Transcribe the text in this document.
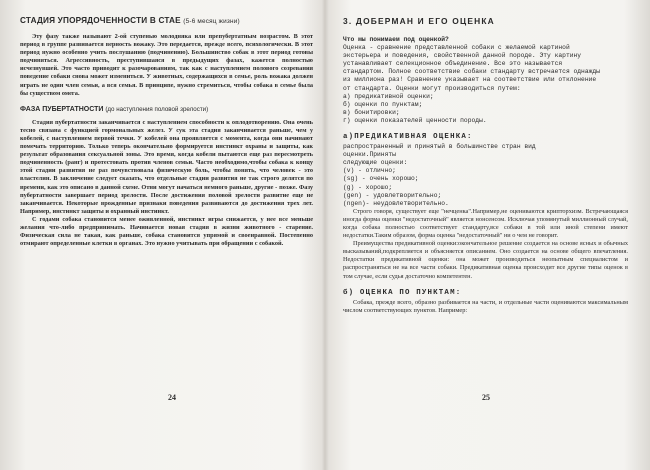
СТАДИЯ УПОРЯДОЧЕННОСТИ В СТАЕ (5-6 месяц жизни)

Эту фазу также называют 2-ой ступенью молодняка или препубертатным возрастом. В этот период в группе развивается верность вожаку. Это передается, прежде всего, психологически. В этот период нужно особенно учить послушанию (подчинению). Большинство собак в этот период готовы подчиняться. Агрессивность, преступившаяся в предыдущих фазах, кажется полностью исчезнувшей. Это часто приводит к разочарованиям, так как с наступлением полового созревания поведение собаки снова может измениться. У животных, содержащихся в семье, роль вожака должен играть не один член семьи, а вся семья. В принципе, нужно стремиться, чтобы собака в семье была бы существом омега.

ФАЗА ПУБЕРТАТНОСТИ (до наступления половой зрелости)

Стадия пубертатности заканчивается с наступлением способности к оплодотворению. Она очень тесно связана с функцией гормональных желез. У сук эта стадия заканчивается раньше, чем у кобелей, с наступлением первой течки. У кобелей она проявляется с момента, когда они начинают помечать территорию. Только теперь окончательно формируется инстинкт охраны и защиты, как результат образования сексуальной зоны. Это время, когда кобели пытаются еще раз пересмотреть подчиненность (ранг) и протестовать против членов семьи. Часто необходимо,чтобы собака к концу этой стадии развития не раз почувствовала физическую боль, чтобы понять, что человек - это властелин. В заключение следует сказать, что отдельные стадии развития не так строго делятся по времени, как это описано в данной схеме. Отни могут начаться немного раньше, другие - позже. Фазу пубертатности завершает период зрелости. После достижения половой зрелости развитие еще не заканчивается. Некоторые врожденные признаки поведения развиваются до достижения трех лет. Например, инстинкт защиты и охранный инстинкт.

С годами собака становится менее оживленной, инстинкт игры снижается, у нее все меньше желания что-либо предпринимать. Начинается новая стадия в жизни животного - старение. Физическая сила не такая, как раньше, собака становится упрямой и своенравной. Постепенно отмирают определенные клетки в органах. Это нужно учитывать при обращении с собакой.

24
3. ДОБЕРМАН И ЕГО ОЦЕНКА

Что мы понимаем под оценкой?

Оценка - сравнение представленной собаки с желаемой картиной

экстерьера и поведения, свойственной данной породе. Эту картину

устанавливает селекционное объединение. Все это называется

стандартом. Полное соответствие собаки стандарту встречается однажды

из миллиона раз! Сравнение указывает на соответствие или отклонение

от стандарта. Оценки могут производиться путем:

а) предикативной оценки;

б) оценки по пунктам;

в) бонитировки;

г) оценки показателей ценности породы.

а)ПРЕДИКАТИВНАЯ ОЦЕНКА:

распространенный и принятый в большинстве стран вид

оценки.Приняты

следующие оценки:

(v) - отлично;

(sg) - очень хорошо;

(g) - хорошо;

(gen) - удовлетворительно;

(ngen)- неудовлетворительно.

Строго говоря, существует еще "нечценка".Например,не оцениваются крипторхизм. Встречающаяся иногда форма оценки "недостаточный" является нонсенсом. Исключая упомянутый миллионный случай, когда собака полностью соответствует стандарту,все собаки в той или иной степени имеют недостатки.Таким образом, форма оценка "недостаточный" ни о чем не говорит.

Преимущества предикативной оценки:окончательное решение создается на основе ясных и обычных высказываний,подкрепляется и объясняется описанием. Оно создается на основе общего впечатления. Недостатки предикативной оценки: она может производиться неопытным специалистом и распространяться не на все части собаки. Предикативная оценка происходит все другие типы оценок в том случае, если судья достаточно компетентен.

б) ОЦЕНКА ПО ПУНКТАМ:

Собака, прежде всего, образно разбивается на части, и отдельные части оцениваются максимальным числом соответствующих пунктов. Например:

25
